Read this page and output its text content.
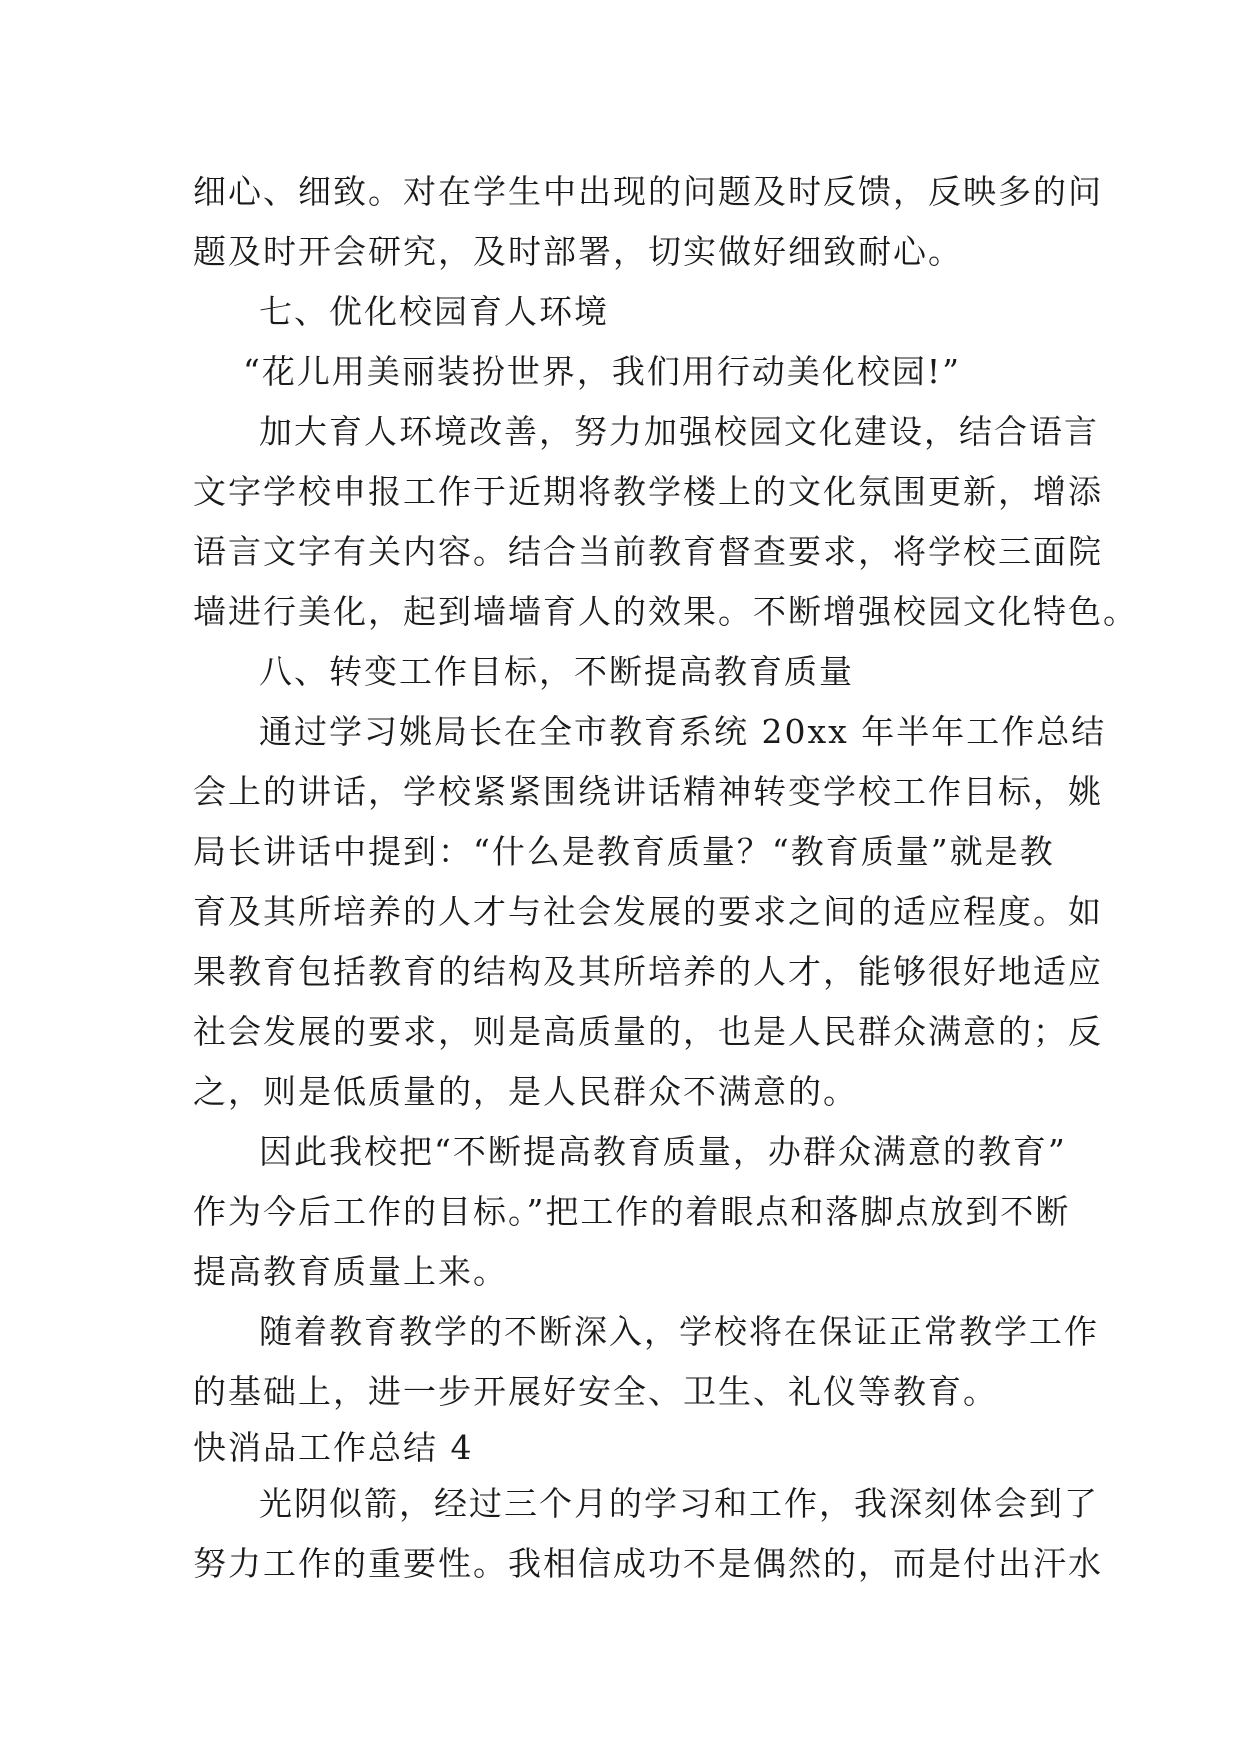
细心、细致。对在学生中出现的问题及时反馈，反映多的问
题及时开会研究，及时部署，切实做好细致耐心。
七、优化校园育人环境
“花儿用美丽装扮世界，我们用行动美化校园!”
加大育人环境改善，努力加强校园文化建设，结合语言
文字学校申报工作于近期将教学楼上的文化氛围更新，增添
语言文字有关内容。结合当前教育督查要求，将学校三面院
墙进行美化，起到墙墙育人的效果。不断增强校园文化特色。
八、转变工作目标，不断提高教育质量
通过学习姚局长在全市教育系统 20xx 年半年工作总结
会上的讲话，学校紧紧围绕讲话精神转变学校工作目标，姚
局长讲话中提到：“什么是教育质量？“教育质量”就是教
育及其所培养的人才与社会发展的要求之间的适应程度。如
果教育包括教育的结构及其所培养的人才，能够很好地适应
社会发展的要求，则是高质量的，也是人民群众满意的；反
之，则是低质量的，是人民群众不满意的。
因此我校把“不断提高教育质量，办群众满意的教育”
作为今后工作的目标。”把工作的着眼点和落脚点放到不断
提高教育质量上来。
随着教育教学的不断深入，学校将在保证正常教学工作
的基础上，进一步开展好安全、卫生、礼仪等教育。
快消品工作总结 4
光阴似箭，经过三个月的学习和工作，我深刻体会到了
努力工作的重要性。我相信成功不是偶然的，而是付出汗水
